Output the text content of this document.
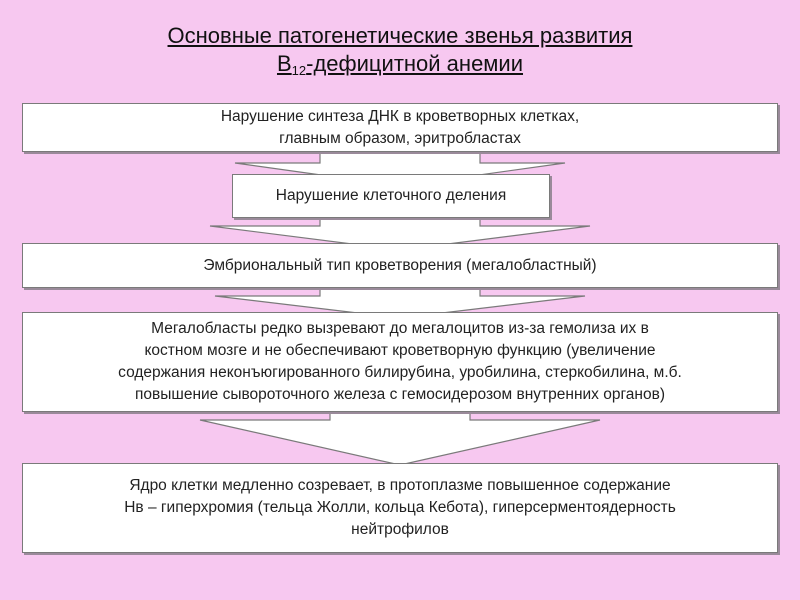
Основные патогенетические звенья развития
$В_{12}$-дефицитной анемии
Нарушение синтеза ДНК в кроветворных клетках,
главным образом, эритробластах
Нарушение клеточного деления
Эмбриональный тип кроветворения (мегалобластный)
Мегалобласты редко вызревают до мегалоцитов из-за гемолиза их в
костном мозге и не обеспечивают кроветворную функцию (увеличение
содержания неконъюгированного билирубина, уробилина, стеркобилина, м.б.
повышение сывороточного железа с гемосидерозом внутренних органов)
Ядро клетки медленно созревает, в протоплазме повышенное содержание
Нв – гиперхромия (тельца Жолли, кольца Кебота), гиперсерментоядерность
нейтрофилов
